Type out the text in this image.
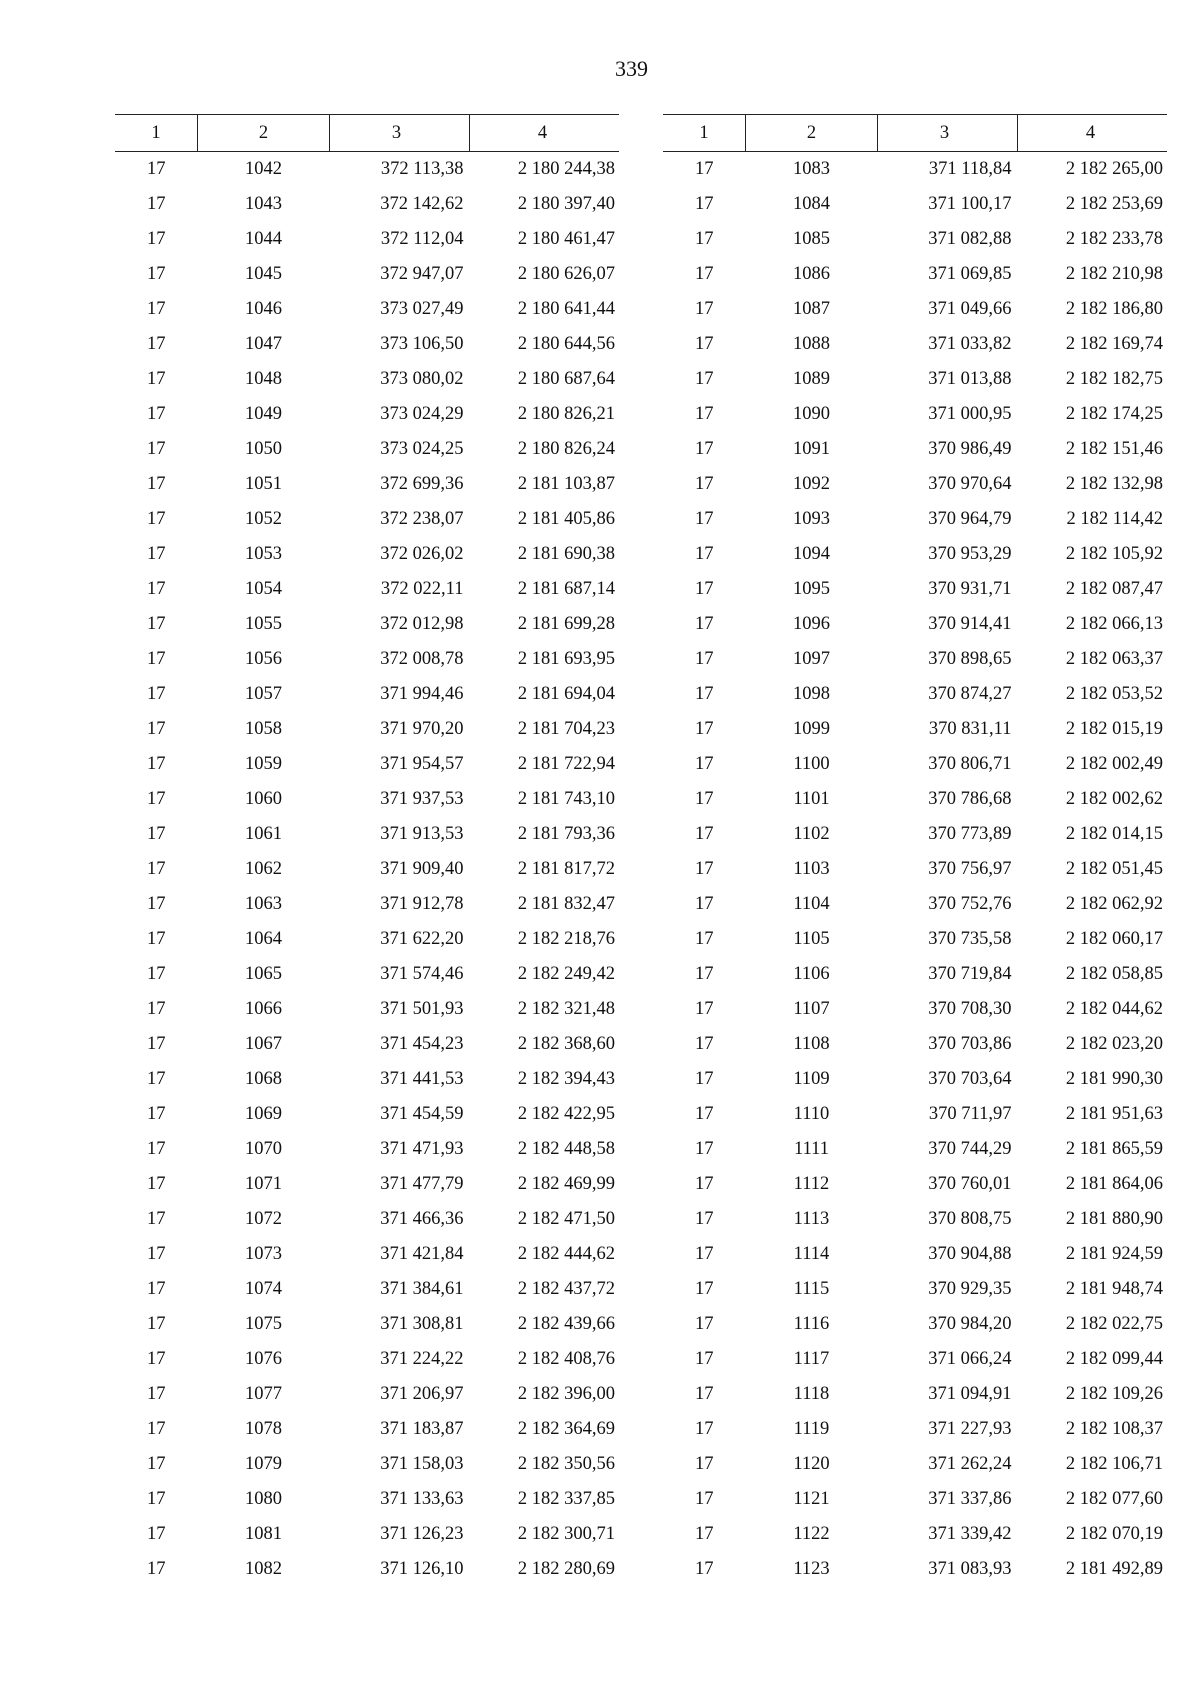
339
1	2	3	4
17	1042	372 113,38	2 180 244,38
17	1043	372 142,62	2 180 397,40
17	1044	372 112,04	2 180 461,47
17	1045	372 947,07	2 180 626,07
17	1046	373 027,49	2 180 641,44
17	1047	373 106,50	2 180 644,56
17	1048	373 080,02	2 180 687,64
17	1049	373 024,29	2 180 826,21
17	1050	373 024,25	2 180 826,24
17	1051	372 699,36	2 181 103,87
17	1052	372 238,07	2 181 405,86
17	1053	372 026,02	2 181 690,38
17	1054	372 022,11	2 181 687,14
17	1055	372 012,98	2 181 699,28
17	1056	372 008,78	2 181 693,95
17	1057	371 994,46	2 181 694,04
17	1058	371 970,20	2 181 704,23
17	1059	371 954,57	2 181 722,94
17	1060	371 937,53	2 181 743,10
17	1061	371 913,53	2 181 793,36
17	1062	371 909,40	2 181 817,72
17	1063	371 912,78	2 181 832,47
17	1064	371 622,20	2 182 218,76
17	1065	371 574,46	2 182 249,42
17	1066	371 501,93	2 182 321,48
17	1067	371 454,23	2 182 368,60
17	1068	371 441,53	2 182 394,43
17	1069	371 454,59	2 182 422,95
17	1070	371 471,93	2 182 448,58
17	1071	371 477,79	2 182 469,99
17	1072	371 466,36	2 182 471,50
17	1073	371 421,84	2 182 444,62
17	1074	371 384,61	2 182 437,72
17	1075	371 308,81	2 182 439,66
17	1076	371 224,22	2 182 408,76
17	1077	371 206,97	2 182 396,00
17	1078	371 183,87	2 182 364,69
17	1079	371 158,03	2 182 350,56
17	1080	371 133,63	2 182 337,85
17	1081	371 126,23	2 182 300,71
17	1082	371 126,10	2 182 280,69
1	2	3	4
17	1083	371 118,84	2 182 265,00
17	1084	371 100,17	2 182 253,69
17	1085	371 082,88	2 182 233,78
17	1086	371 069,85	2 182 210,98
17	1087	371 049,66	2 182 186,80
17	1088	371 033,82	2 182 169,74
17	1089	371 013,88	2 182 182,75
17	1090	371 000,95	2 182 174,25
17	1091	370 986,49	2 182 151,46
17	1092	370 970,64	2 182 132,98
17	1093	370 964,79	2 182 114,42
17	1094	370 953,29	2 182 105,92
17	1095	370 931,71	2 182 087,47
17	1096	370 914,41	2 182 066,13
17	1097	370 898,65	2 182 063,37
17	1098	370 874,27	2 182 053,52
17	1099	370 831,11	2 182 015,19
17	1100	370 806,71	2 182 002,49
17	1101	370 786,68	2 182 002,62
17	1102	370 773,89	2 182 014,15
17	1103	370 756,97	2 182 051,45
17	1104	370 752,76	2 182 062,92
17	1105	370 735,58	2 182 060,17
17	1106	370 719,84	2 182 058,85
17	1107	370 708,30	2 182 044,62
17	1108	370 703,86	2 182 023,20
17	1109	370 703,64	2 181 990,30
17	1110	370 711,97	2 181 951,63
17	1111	370 744,29	2 181 865,59
17	1112	370 760,01	2 181 864,06
17	1113	370 808,75	2 181 880,90
17	1114	370 904,88	2 181 924,59
17	1115	370 929,35	2 181 948,74
17	1116	370 984,20	2 182 022,75
17	1117	371 066,24	2 182 099,44
17	1118	371 094,91	2 182 109,26
17	1119	371 227,93	2 182 108,37
17	1120	371 262,24	2 182 106,71
17	1121	371 337,86	2 182 077,60
17	1122	371 339,42	2 182 070,19
17	1123	371 083,93	2 181 492,89
